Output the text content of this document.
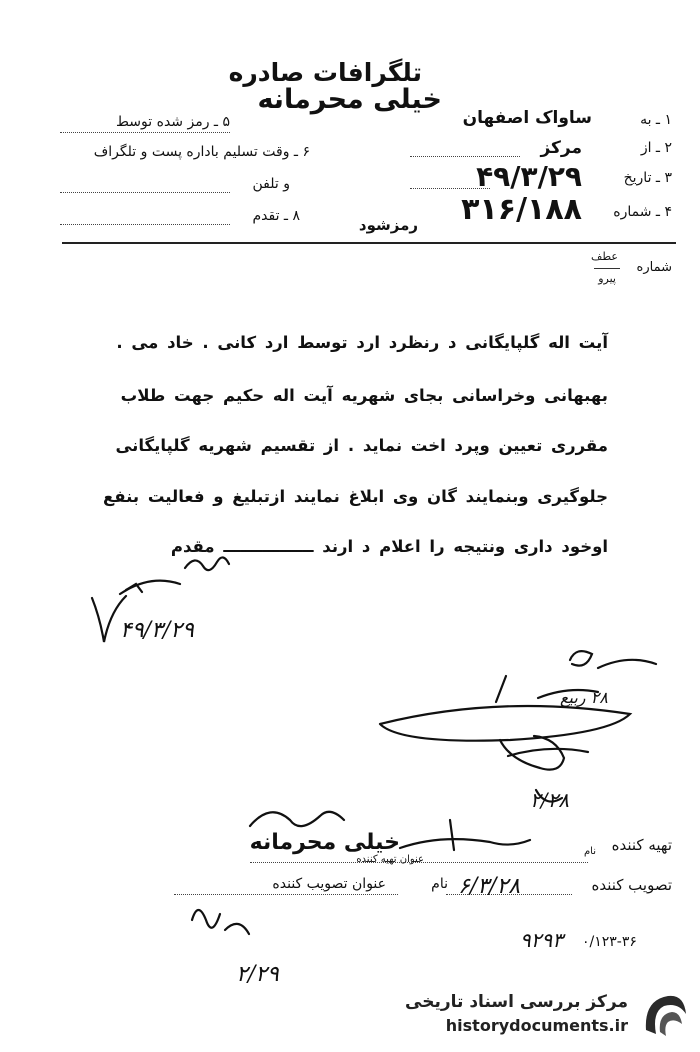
تلگرافات صادره
خیلی محرمانه
۱ ـ به
ساواک اصفهان
۵ ـ رمز شده توسط
۲ ـ از
مرکز
۶ ـ وقت تسلیم باداره پست و تلگراف
۳ ـ تاریخ
۴۹/۳/۲۹
و تلفن
۴ ـ شماره
۳۱۶/۱۸۸
۸ ـ تقدم	رمزشود
شماره
عطف
پیرو
آیت اله گلپایگانی د رنظرد ارد توسط ارد کانی . خاد می .
بهبهانی وخراسانی بجای شهریه آیت اله حکیم جهت طلاب
مقرری تعیین وپرد اخت نماید . از تقسیم شهریه گلپایگانی
جلوگیری وبنمایند گان وی ابلاغ نمایند ازتبلیغ و فعالیت بنفع
اوخود داری ونتیجه را اعلام د ارند ــــــــــــــــ مقدم
۴۹/۳/۲۹
۲۸ ربیع
۲/۲۸
تهیه کننده
نام
عنوان تهیه کننده
خیلی محرمانه
تصویب کننده
نام
عنوان تصویب کننده	۶/۳/۲۸
۲/۲۹
۹۲۹۳ ۰/۱۲۳-۳۶
مرکز بررسی اسناد تاریخی
historydocuments.ir
